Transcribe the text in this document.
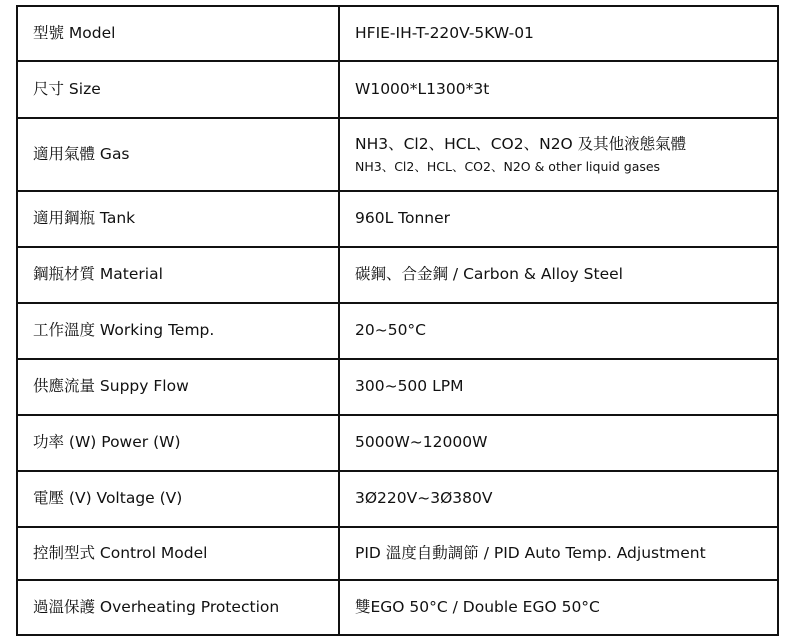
型號 Model	HFIE-IH-T-220V-5KW-01
尺寸 Size	W1000*L1300*3t
適用氣體 Gas	NH3、Cl2、HCL、CO2、N2O 及其他液態氣體
NH3、Cl2、HCL、CO2、N2O & other liquid gases

適用鋼瓶 Tank	960L Tonner
鋼瓶材質 Material	碳鋼、合金鋼 / Carbon & Alloy Steel
工作溫度 Working Temp.	20~50°C
供應流量 Suppy Flow	300~500 LPM
功率 (W) Power (W)	5000W~12000W
電壓 (V) Voltage (V)	3Ø220V~3Ø380V
控制型式 Control Model	PID 溫度自動調節 / PID Auto Temp. Adjustment
過溫保護 Overheating Protection	雙EGO 50°C / Double EGO 50°C
